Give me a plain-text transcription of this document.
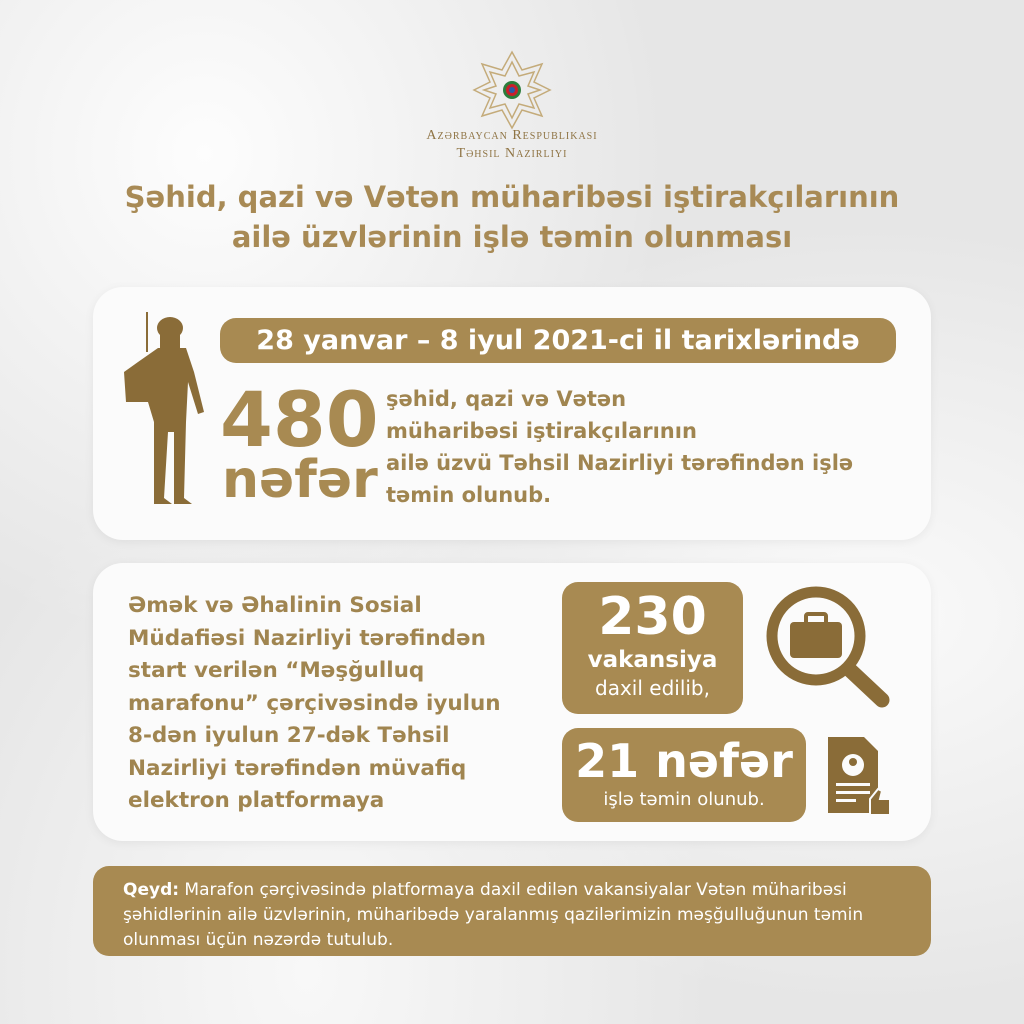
Azərbaycan Respublikası
Təhsil Nazirliyi
Şəhid, qazi və Vətən müharibəsi iştirakçılarının
ailə üzvlərinin işlə təmin olunması
28 yanvar – 8 iyul 2021-ci il tarixlərində
480
nəfər
şəhid, qazi və Vətən
müharibəsi iştirakçılarının
ailə üzvü Təhsil Nazirliyi tərəfindən işlə
təmin olunub.
Əmək və Əhalinin Sosial
Müdafiəsi Nazirliyi tərəfindən
start verilən “Məşğulluq
marafonu” çərçivəsində iyulun
8-dən iyulun 27-dək Təhsil
Nazirliyi tərəfindən müvafiq
elektron platformaya
230
vakansiya
daxil edilib,
21 nəfər
işlə təmin olunub.
Qeyd: Marafon çərçivəsində platformaya daxil edilən vakansiyalar Vətən müharibəsi şəhidlərinin ailə üzvlərinin, müharibədə yaralanmış qazilərimizin məşğulluğunun təmin olunması üçün nəzərdə tutulub.
